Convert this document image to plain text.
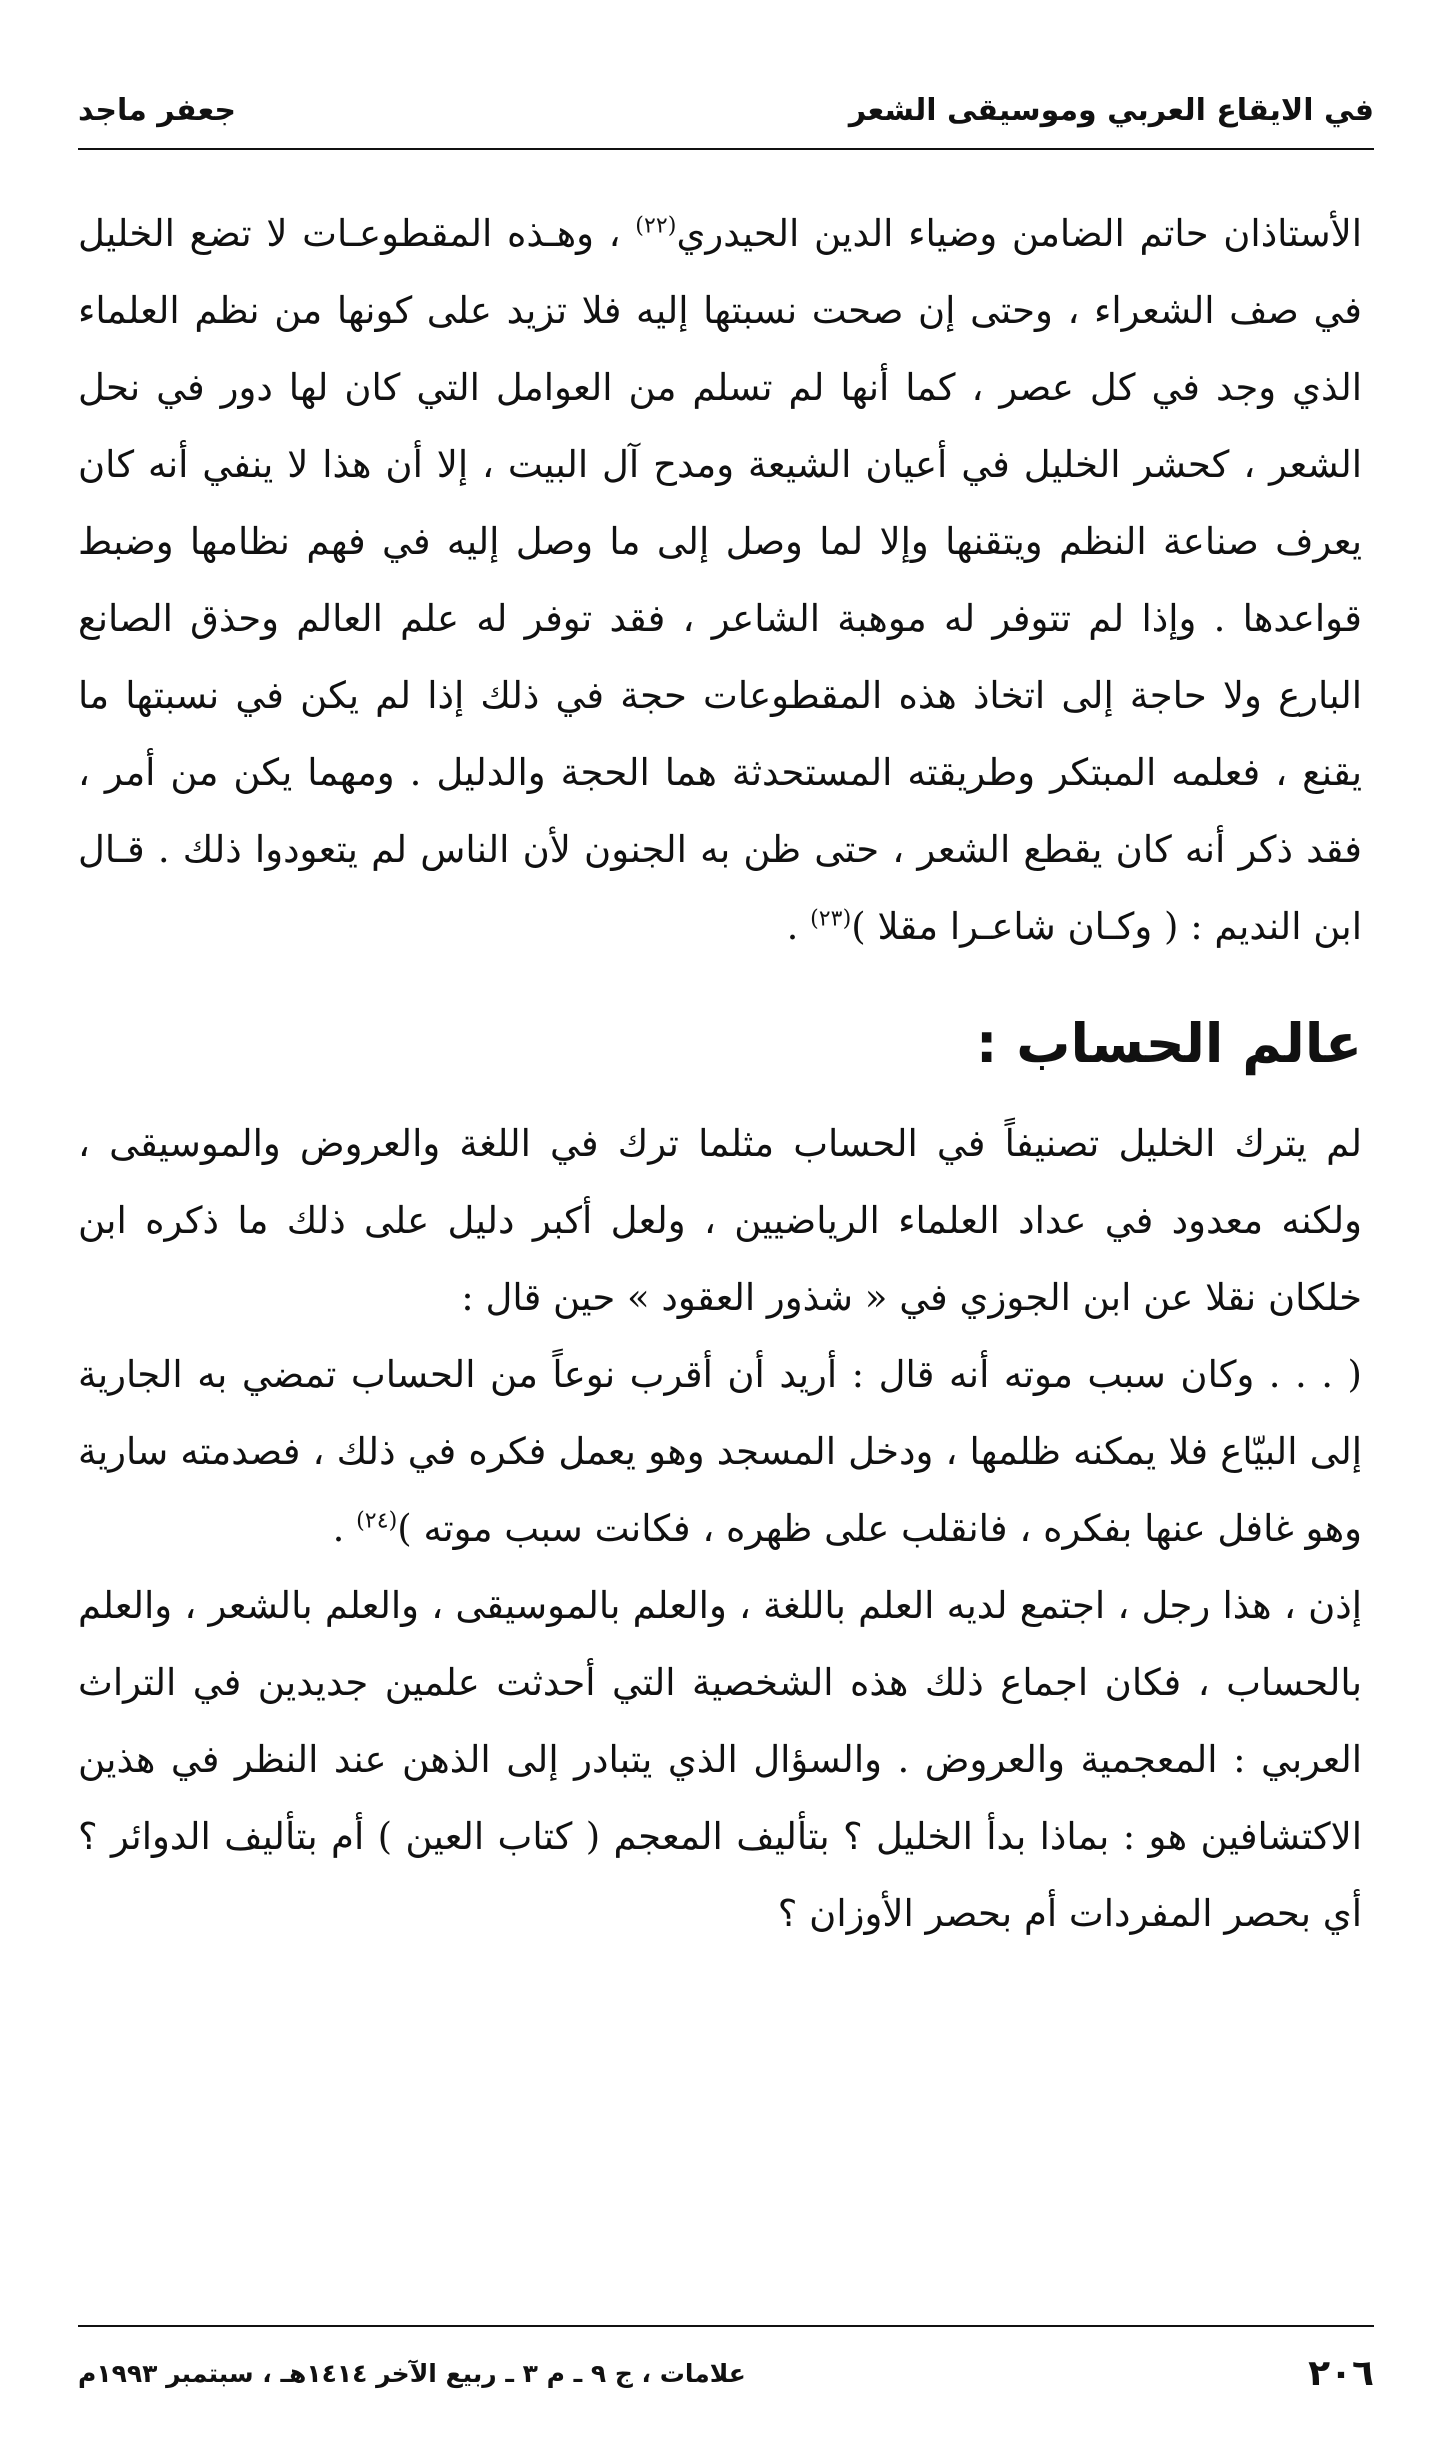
في الايقاع العربي وموسيقى الشعر
جعفر ماجد

الأستاذان حاتم الضامن وضياء الدين الحيدري$^{(٢٢)}$ ، وهـذه المقطوعـات لا تضع الخليل في صف الشعراء ، وحتى إن صحت نسبتها إليه فلا تزيد على كونها من نظم العلماء الذي وجد في كل عصر ، كما أنها لم تسلم من العوامل التي كان لها دور في نحل الشعر ، كحشر الخليل في أعيان الشيعة ومدح آل البيت ، إلا أن هذا لا ينفي أنه كان يعرف صناعة النظم ويتقنها وإلا لما وصل إلى ما وصل إليه في فهم نظامها وضبط قواعدها . وإذا لم تتوفر له موهبة الشاعر ، فقد توفر له علم العالم وحذق الصانع البارع ولا حاجة إلى اتخاذ هذه المقطوعات حجة في ذلك إذا لم يكن في نسبتها ما يقنع ، فعلمه المبتكر وطريقته المستحدثة هما الحجة والدليل . ومهما يكن من أمر ، فقد ذكر أنه كان يقطع الشعر ، حتى ظن به الجنون لأن الناس لم يتعودوا ذلك . قـال ابن النديم : ( وكـان شاعـرا مقلا )$^{(٢٣)}$ .

عالم الحساب :

لم يترك الخليل تصنيفاً في الحساب مثلما ترك في اللغة والعروض والموسيقى ، ولكنه معدود في عداد العلماء الرياضيين ، ولعل أكبر دليل على ذلك ما ذكره ابن خلكان نقلا عن ابن الجوزي في « شذور العقود » حين قال :

( . . . وكان سبب موته أنه قال : أريد أن أقرب نوعاً من الحساب تمضي به الجارية إلى البيّاع فلا يمكنه ظلمها ، ودخل المسجد وهو يعمل فكره في ذلك ، فصدمته سارية وهو غافل عنها بفكره ، فانقلب على ظهره ، فكانت سبب موته )$^{(٢٤)}$ .

إذن ، هذا رجل ، اجتمع لديه العلم باللغة ، والعلم بالموسيقى ، والعلم بالشعر ، والعلم بالحساب ، فكان اجماع ذلك هذه الشخصية التي أحدثت علمين جديدين في التراث العربي : المعجمية والعروض . والسؤال الذي يتبادر إلى الذهن عند النظر في هذين الاكتشافين هو : بماذا بدأ الخليل ؟ بتأليف المعجم ( كتاب العين ) أم بتأليف الدوائر ؟ أي بحصر المفردات أم بحصر الأوزان ؟

٢٠٦
علامات ، ج ٩ ـ م ٣ ـ ربيع الآخر ١٤١٤هـ ، سبتمبر ١٩٩٣م
